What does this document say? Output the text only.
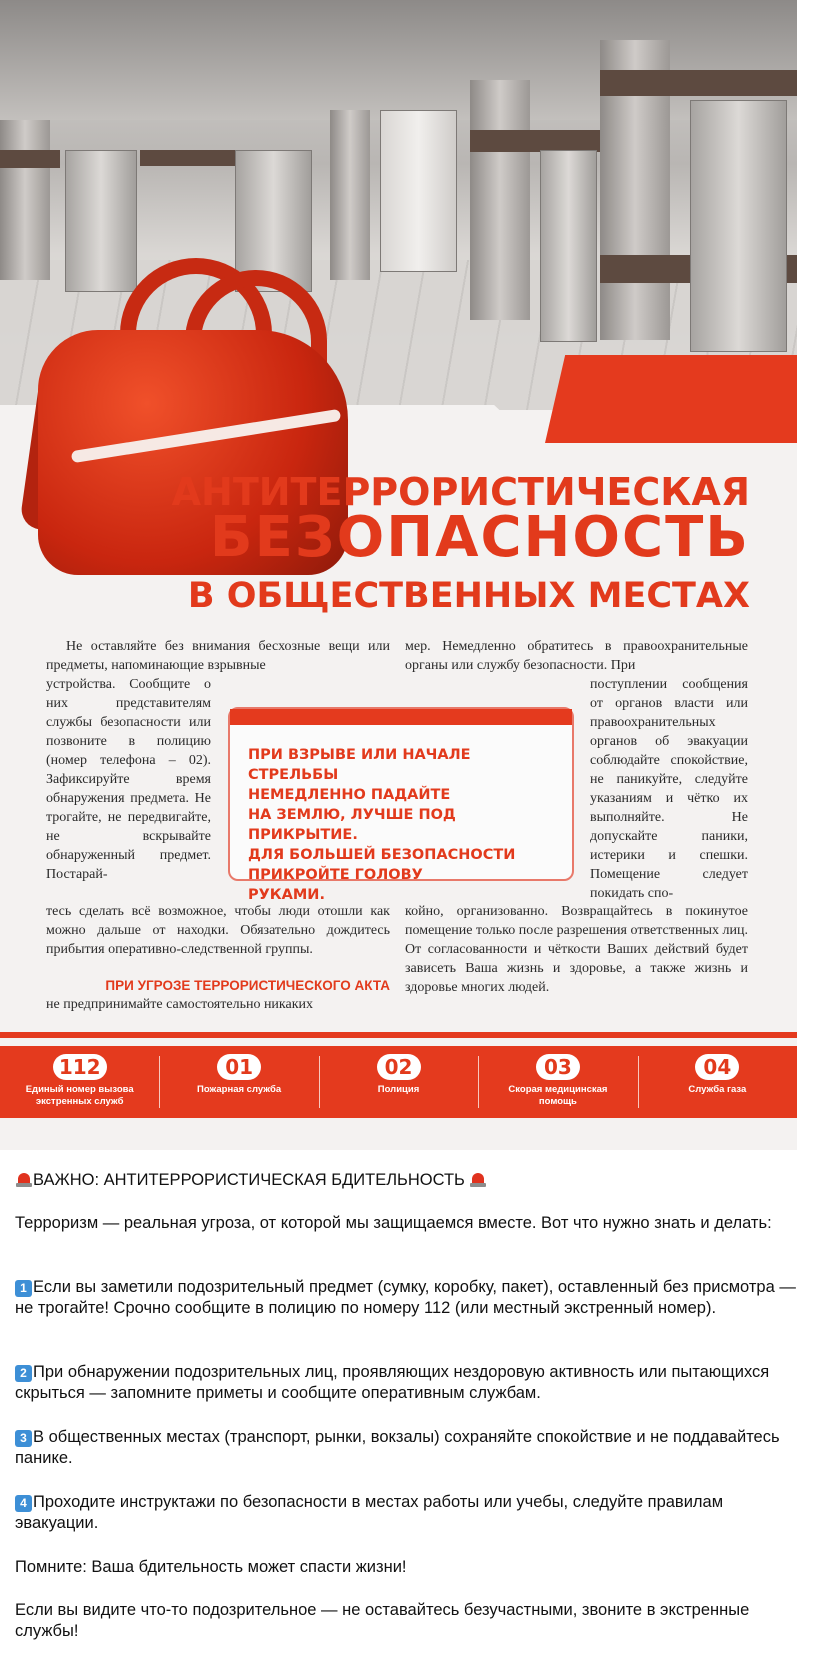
АНТИТЕРРОРИСТИЧЕСКАЯ
БЕЗОПАСНОСТЬ
В ОБЩЕСТВЕННЫХ МЕСТАХ
Не оставляйте без внимания бесхозные вещи или предметы, напоминающие взрывные
устройства. Сообщите о них представителям службы безопасности или позвоните в полицию (номер телефона – 02). Зафиксируйте время обнаружения предмета. Не трогайте, не передвигайте, не вскрывайте обнаруженный предмет. Постарай-
тесь сделать всё возможное, чтобы люди отошли как можно дальше от находки. Обязательно дождитесь прибытия оперативно-следственной группы.
ПРИ УГРОЗЕ ТЕРРОРИСТИЧЕСКОГО АКТА
не предпринимайте самостоятельно никаких
мер. Немедленно обратитесь в правоохранительные органы или службу безопасности. При
поступлении сообщения от органов власти или правоохранительных органов об эвакуации соблюдайте спокойствие, не паникуйте, следуйте указаниям и чётко их выполняйте. Не допускайте паники, истерики и спешки. Помещение следует покидать спо-
койно, организованно. Возвращайтесь в покинутое помещение только после разрешения ответственных лиц. От согласованности и чёткости Ваших действий будет зависеть Ваша жизнь и здоровье, а также жизнь и здоровье многих людей.
ПРИ ВЗРЫВЕ ИЛИ НАЧАЛЕ СТРЕЛЬБЫ
НЕМЕДЛЕННО ПАДАЙТЕ
НА ЗЕМЛЮ, ЛУЧШЕ ПОД ПРИКРЫТИЕ.
ДЛЯ БОЛЬШЕЙ БЕЗОПАСНОСТИ
ПРИКРОЙТЕ ГОЛОВУ
РУКАМИ.
112
Единый номер вызова экстренных служб
01
Пожарная служба
02
Полиция
03
Скорая медицинская помощь
04
Служба газа
ВАЖНО: АНТИТЕРРОРИСТИЧЕСКАЯ БДИТЕЛЬНОСТЬ
Терроризм — реальная угроза, от которой мы защищаемся вместе. Вот что нужно знать и делать:
1 Если вы заметили подозрительный предмет (сумку, коробку, пакет), оставленный без присмотра — не трогайте! Срочно сообщите в полицию по номеру 112 (или местный экстренный номер).
2 При обнаружении подозрительных лиц, проявляющих нездоровую активность или пытающихся скрыться — запомните приметы и сообщите оперативным службам.
3 В общественных местах (транспорт, рынки, вокзалы) сохраняйте спокойствие и не поддавайтесь панике.
4 Проходите инструктажи по безопасности в местах работы или учебы, следуйте правилам эвакуации.
Помните: Ваша бдительность может спасти жизни!
Если вы видите что-то подозрительное — не оставайтесь безучастными, звоните в экстренные службы!
